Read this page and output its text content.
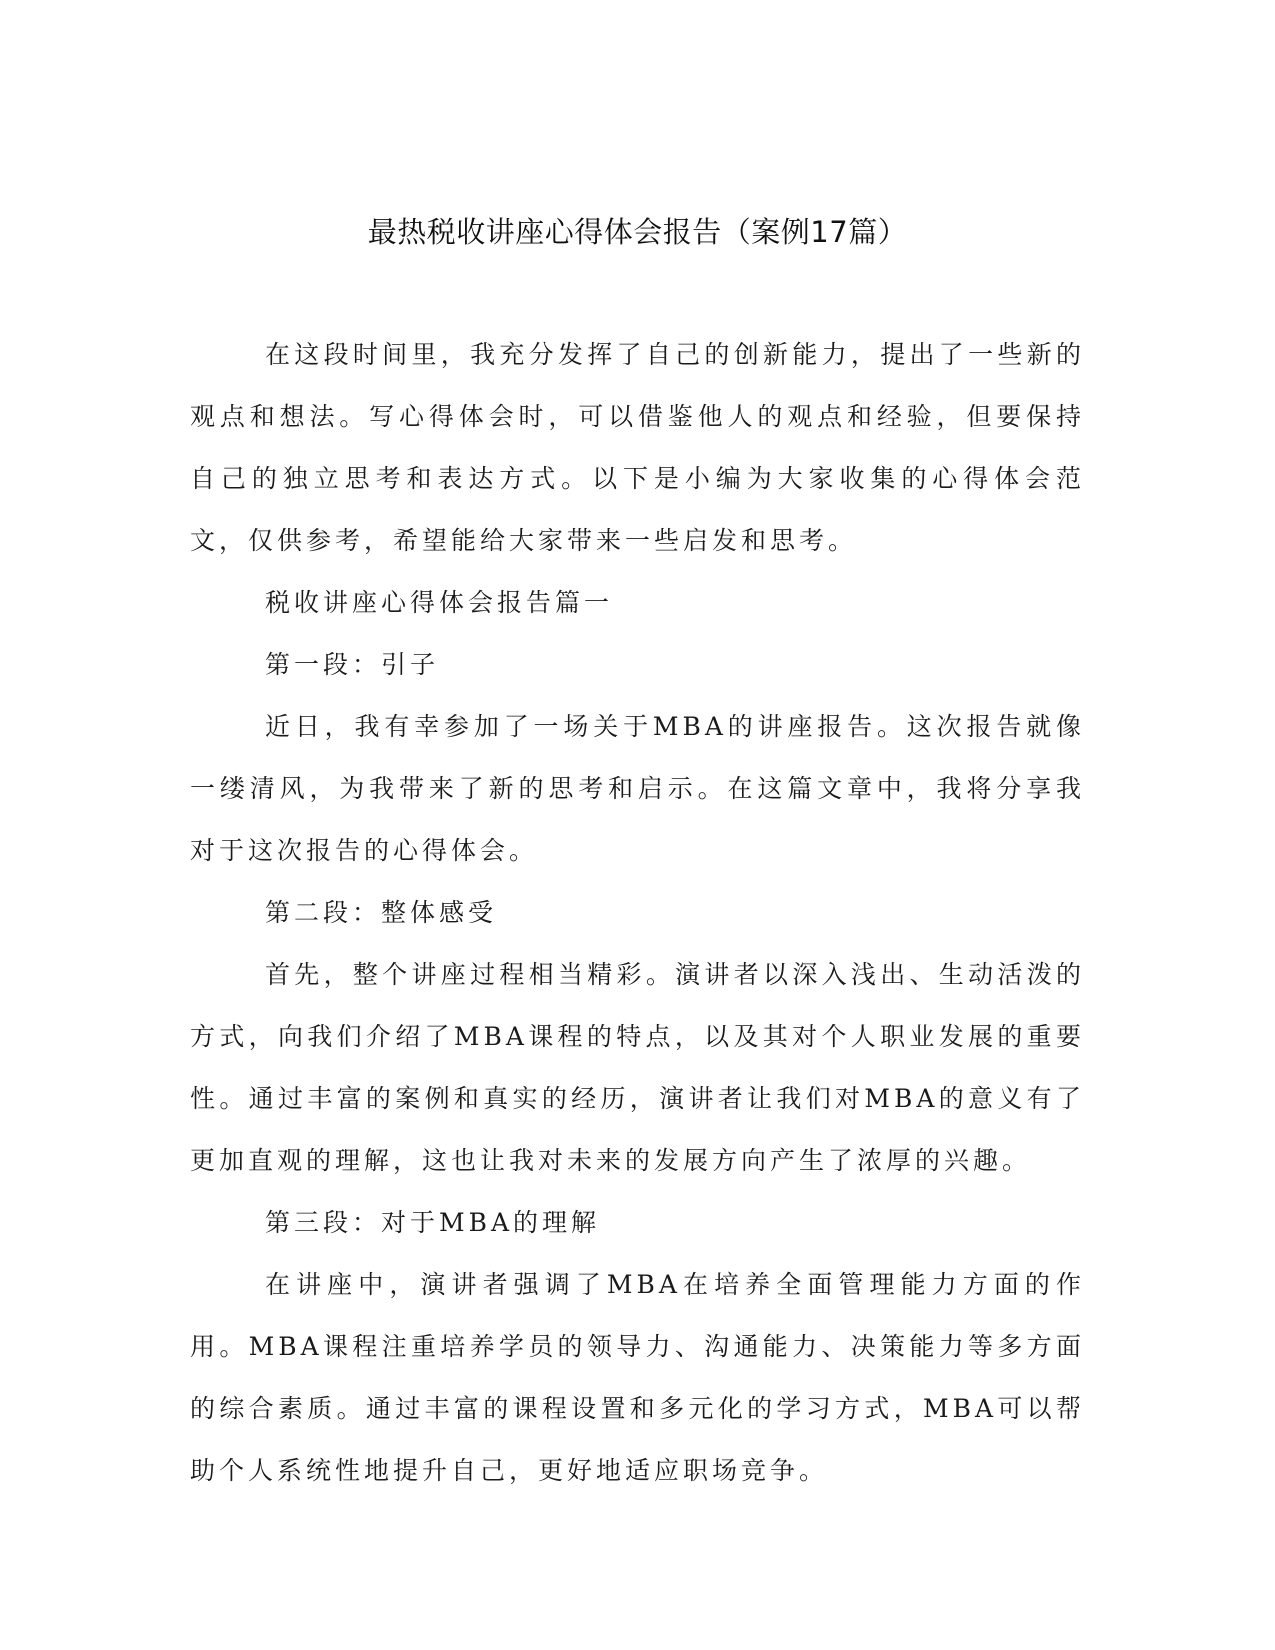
最热税收讲座心得体会报告（案例17篇）

在这段时间里，我充分发挥了自己的创新能力，提出了一些新的观点和想法。写心得体会时，可以借鉴他人的观点和经验，但要保持自己的独立思考和表达方式。以下是小编为大家收集的心得体会范文，仅供参考，希望能给大家带来一些启发和思考。

税收讲座心得体会报告篇一

第一段：引子

近日，我有幸参加了一场关于MBA的讲座报告。这次报告就像一缕清风，为我带来了新的思考和启示。在这篇文章中，我将分享我对于这次报告的心得体会。

第二段：整体感受

首先，整个讲座过程相当精彩。演讲者以深入浅出、生动活泼的方式，向我们介绍了MBA课程的特点，以及其对个人职业发展的重要性。通过丰富的案例和真实的经历，演讲者让我们对MBA的意义有了更加直观的理解，这也让我对未来的发展方向产生了浓厚的兴趣。

第三段：对于MBA的理解

在讲座中，演讲者强调了MBA在培养全面管理能力方面的作用。MBA课程注重培养学员的领导力、沟通能力、决策能力等多方面的综合素质。通过丰富的课程设置和多元化的学习方式，MBA可以帮助个人系统性地提升自己，更好地适应职场竞争。
